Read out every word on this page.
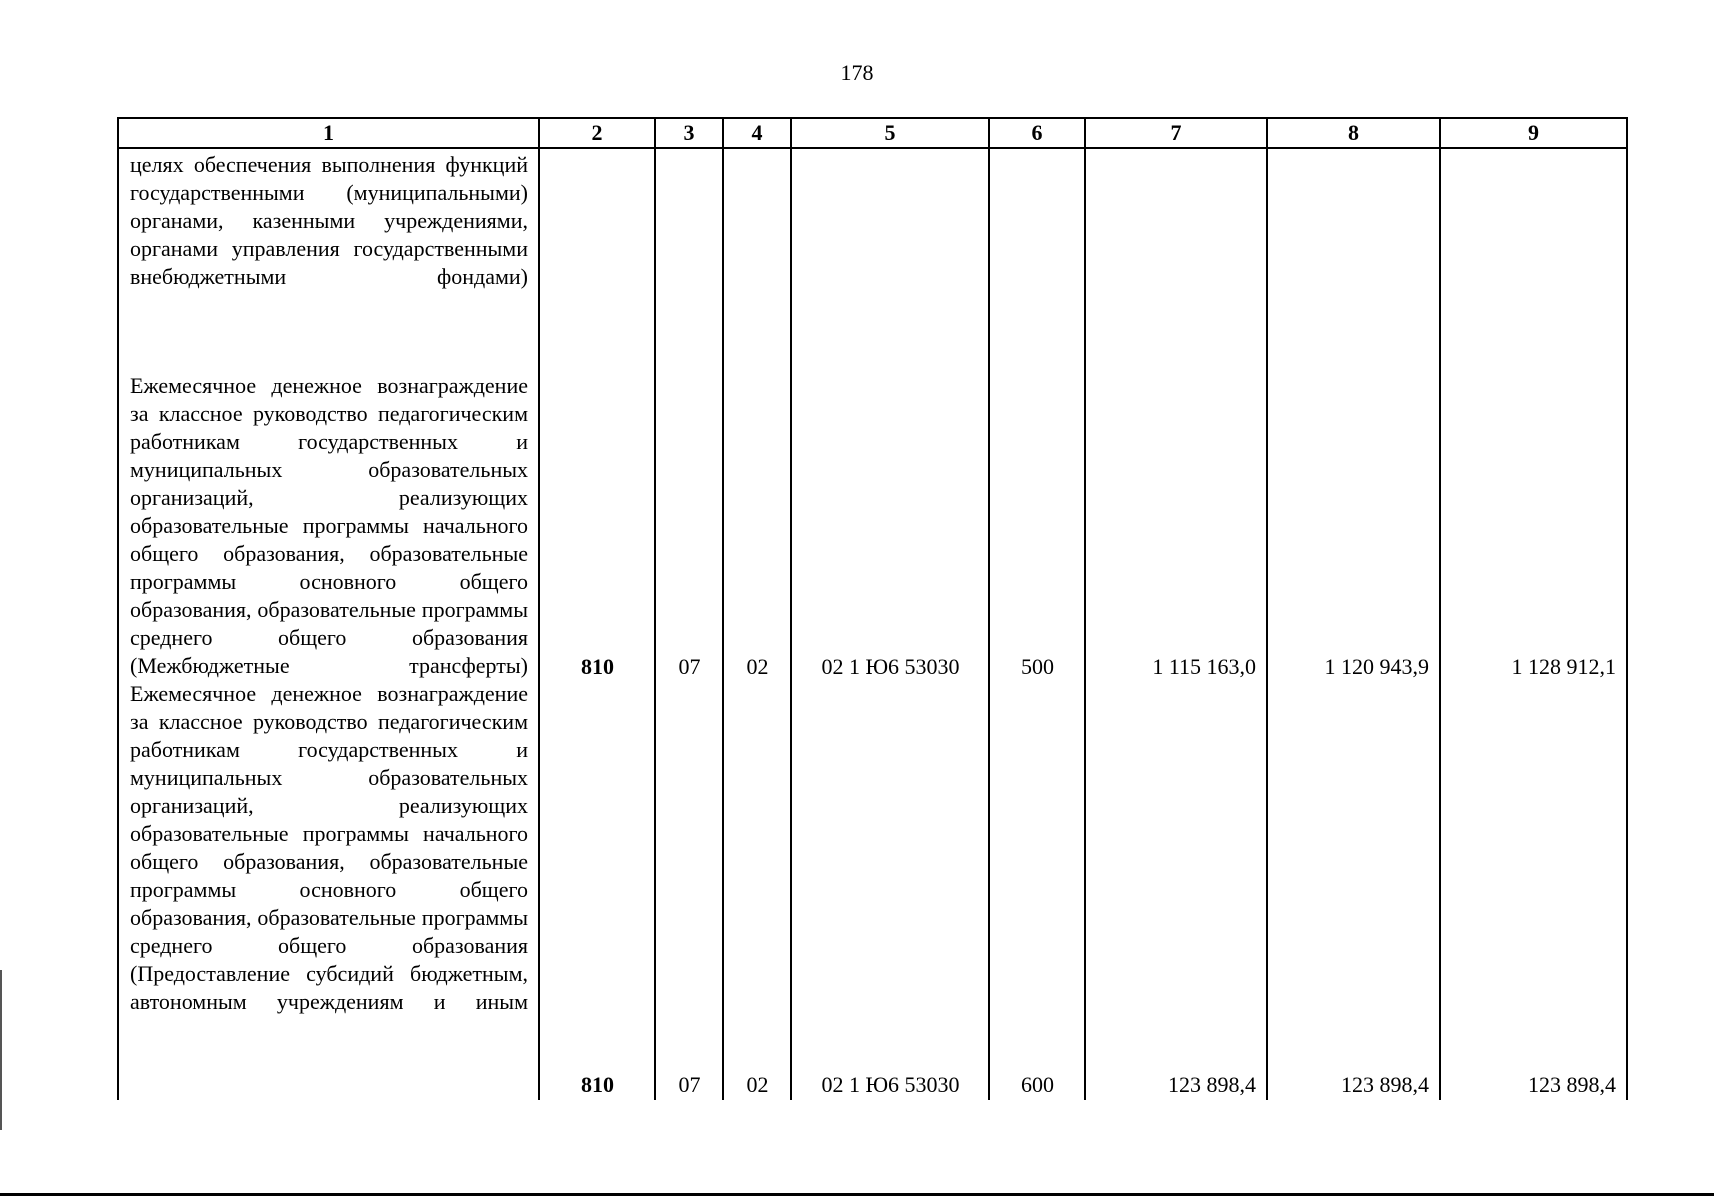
178
1	2	3	4	5	6	7	8	9
целях обеспечения выполнения функций государственными (муниципальными) органами, казенными учреждениями, органами управления государственными внебюджетными фондами)								
Ежемесячное денежное вознаграждение за классное руководство педагогическим работникам государственных и муниципальных образовательных организаций, реализующих образовательные программы начального общего образования, образовательные программы основного общего образования, образовательные программы среднего общего образования (Межбюджетные трансферты)	810	07	02	02 1 Ю6 53030	500	1 115 163,0	1 120 943,9	1 128 912,1
Ежемесячное денежное вознаграждение за классное руководство педагогическим работникам государственных и муниципальных образовательных организаций, реализующих образовательные программы начального общего образования, образовательные программы основного общего образования, образовательные программы среднего общего образования (Предоставление субсидий бюджетным, автономным учреждениям и иным	810	07	02	02 1 Ю6 53030	600	123 898,4	123 898,4	123 898,4
